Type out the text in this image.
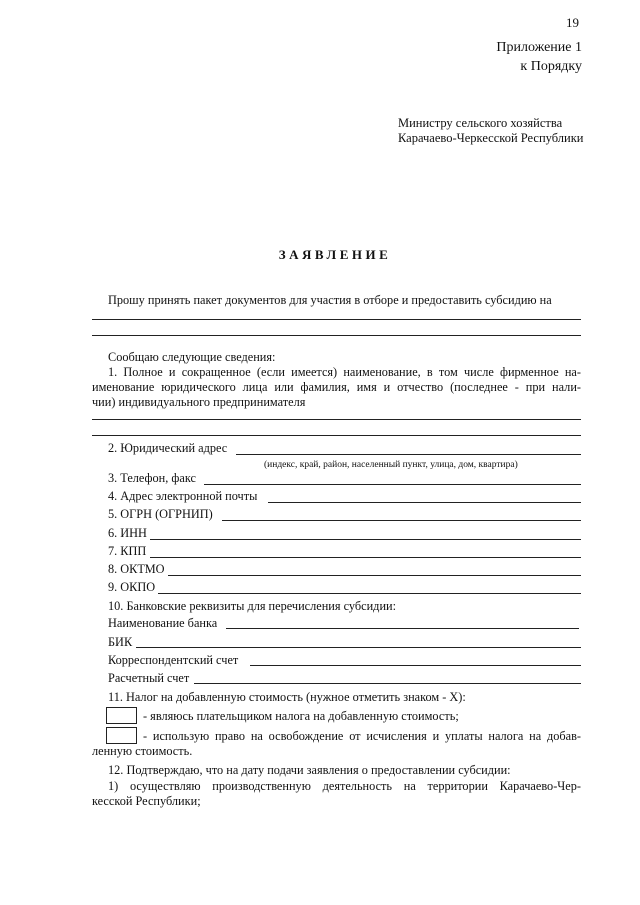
19
Приложение 1
к Порядку
Министру сельского хозяйства
Карачаево-Черкесской Республики
ЗАЯВЛЕНИЕ
Прошу принять пакет документов для участия в отборе и предоставить субсидию на
Сообщаю следующие сведения:
1. Полное и сокращенное (если имеется) наименование, в том числе фирменное на-
именование юридического лица или фамилия, имя и отчество (последнее - при нали-
чии) индивидуального предпринимателя
2. Юридический адрес
(индекс, край, район, населенный пункт, улица, дом, квартира)
3. Телефон, факс
4. Адрес электронной почты
5. ОГРН (ОГРНИП)
6. ИНН
7. КПП
8. ОКТМО
9. ОКПО
10. Банковские реквизиты для перечисления субсидии:
Наименование банка
БИК
Корреспондентский счет
Расчетный счет
11. Налог на добавленную стоимость (нужное отметить знаком - X):
- являюсь плательщиком налога на добавленную стоимость;
- использую право на освобождение от исчисления и уплаты налога на добав-
ленную стоимость.
12. Подтверждаю, что на дату подачи заявления о предоставлении субсидии:
1) осуществляю производственную деятельность на территории Карачаево-Чер-
кесской Республики;
